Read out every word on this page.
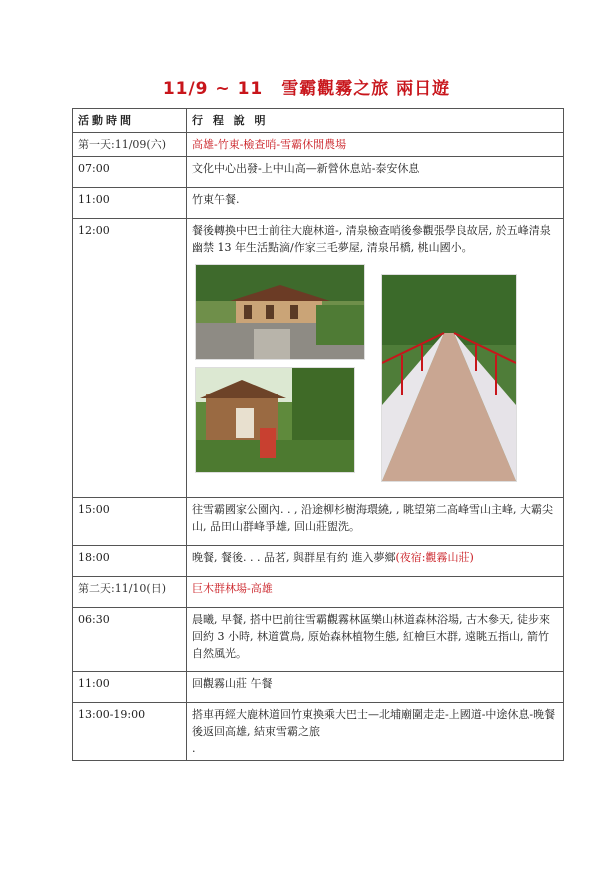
11/9 ~ 11　雪霸觀霧之旅 兩日遊
活動時間	行 程 說 明
第一天:11/09(六)	高雄-竹東-檢查哨-雪霸休閒農場
07:00	文化中心出發-上中山高—新營休息站-泰安休息
11:00	竹東午餐.
12:00	餐後轉換中巴士前往大鹿林道-, 清泉檢查哨後參觀張學良故居, 於五峰清泉幽禁 13 年生活點滴/作家三毛夢屋, 清泉吊橋, 桃山國小。

15:00	往雪霸國家公園內. . , 沿途柳杉樹海環繞, , 眺望第二高峰雪山主峰, 大霸尖山, 品田山群峰爭雄, 回山莊盥洗。
18:00	晚餐, 餐後. . . 品茗, 與群星有約 進入夢鄉(夜宿:觀霧山莊)
第二天:11/10(日)	巨木群林場-高雄
06:30	晨曦, 早餐, 搭中巴前往雪霸觀霧林區樂山林道森林浴場, 古木參天, 徒步來回約 3 小時, 林道賞鳥, 原始森林植物生態, 紅檜巨木群, 遠眺五指山, 箭竹自然風光。
11:00	回觀霧山莊 午餐
13:00-19:00	搭車再經大鹿林道回竹東換乘大巴士—北埔廟圍走走-上國道-中途休息-晚餐後返回高雄, 結束雪霸之旅
.
